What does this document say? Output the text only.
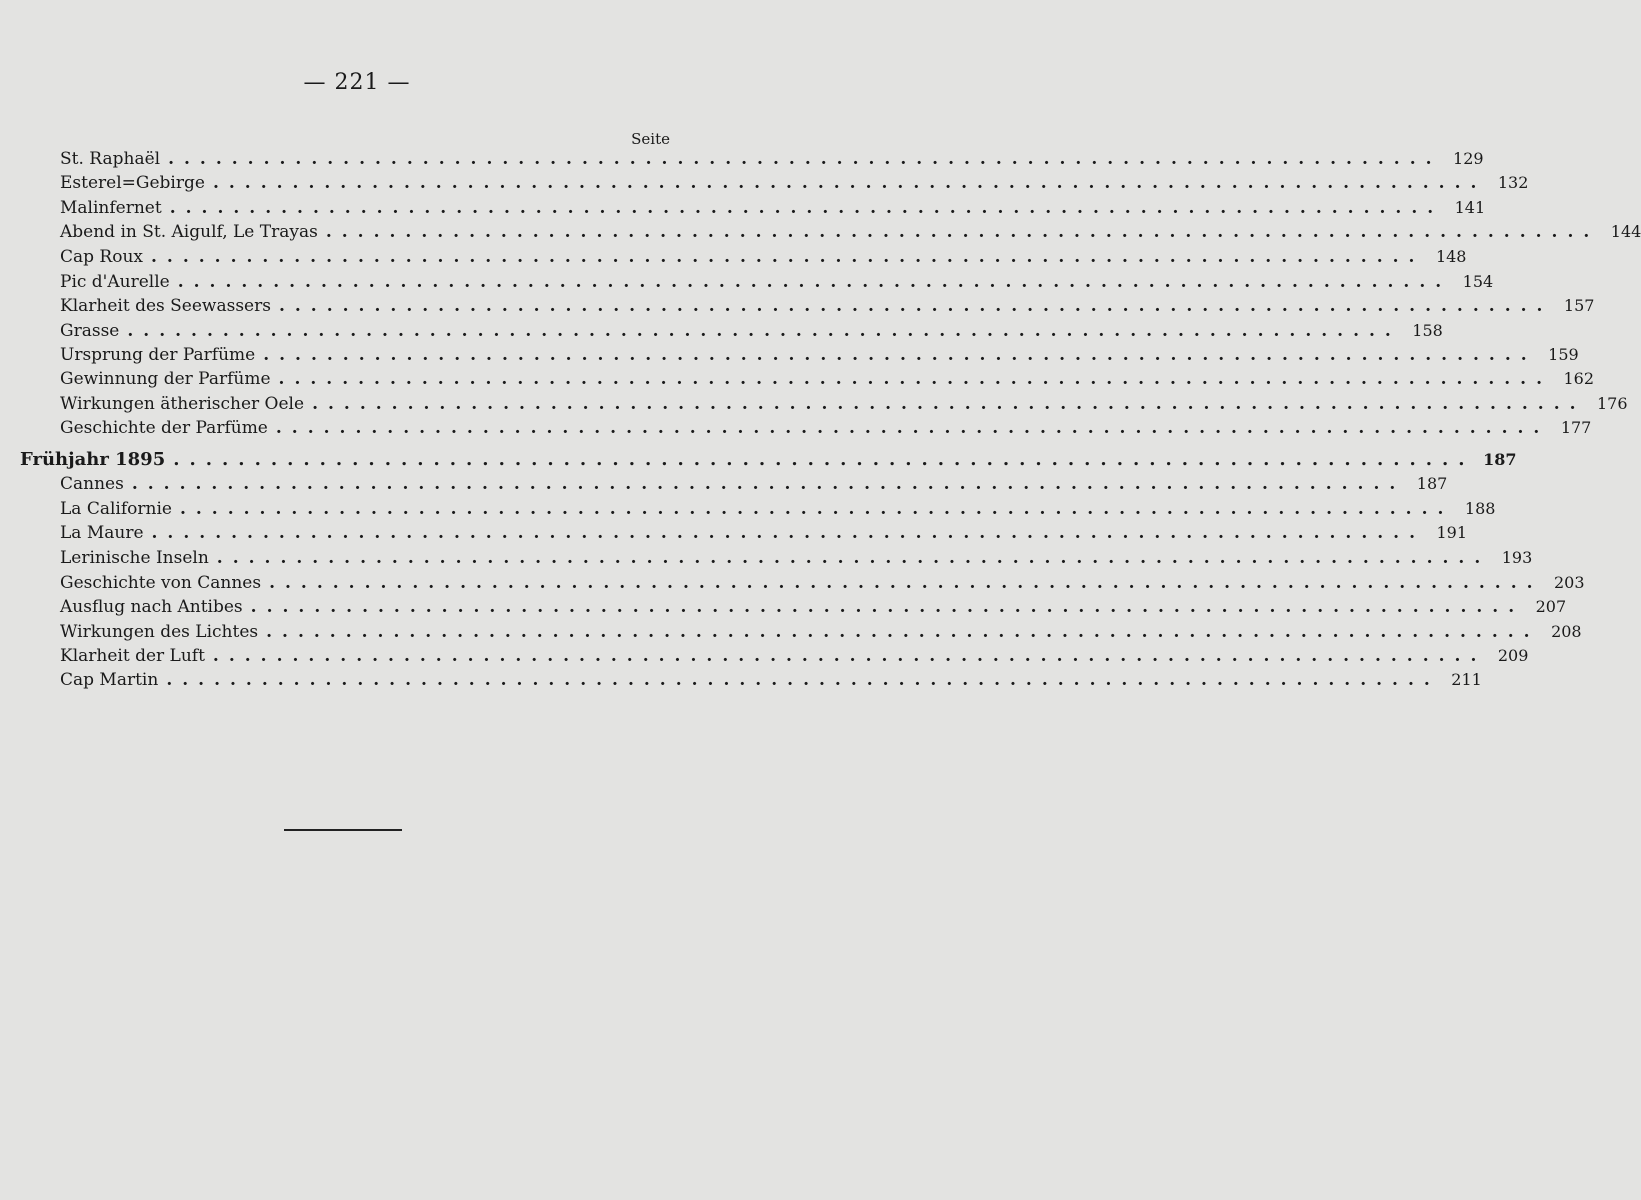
— 221 —
Seite
St. Raphaël ................................................................................ 129
Esterel=Gebirge ................................................................................ 132
Malinfernet ................................................................................ 141
Abend in St. Aigulf, Le Trayas ................................................................................ 144
Cap Roux ................................................................................ 148
Pic d'Aurelle ................................................................................ 154
Klarheit des Seewassers ................................................................................ 157
Grasse ................................................................................ 158
Ursprung der Parfüme ................................................................................ 159
Gewinnung der Parfüme ................................................................................ 162
Wirkungen ätherischer Oele ................................................................................ 176
Geschichte der Parfüme ................................................................................ 177
Frühjahr 1895 ................................................................................ 187
Cannes ................................................................................ 187
La Californie ................................................................................ 188
La Maure ................................................................................ 191
Lerinische Inseln ................................................................................ 193
Geschichte von Cannes ................................................................................ 203
Ausflug nach Antibes ................................................................................ 207
Wirkungen des Lichtes ................................................................................ 208
Klarheit der Luft ................................................................................ 209
Cap Martin ................................................................................ 211
